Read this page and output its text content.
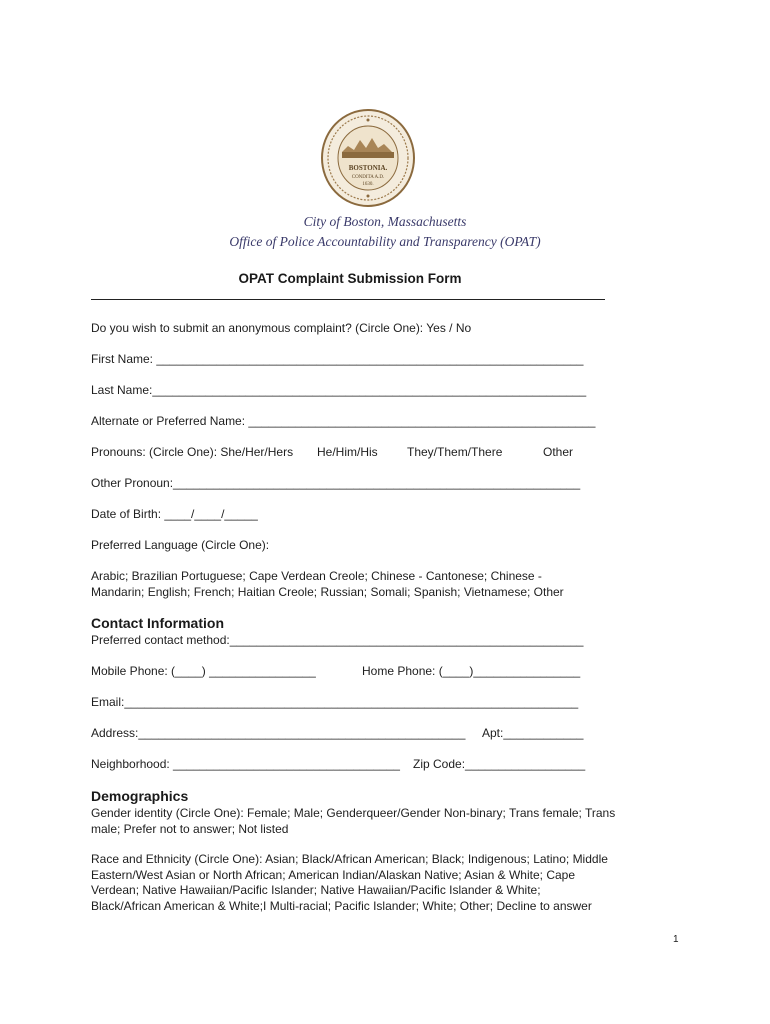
BOSTONIA.
CONDITA A.D.
1630.
City of Boston, Massachusetts
Office of Police Accountability and Transparency (OPAT)
OPAT Complaint Submission Form
Do you wish to submit an anonymous complaint? (Circle One): Yes / No
First Name: ________________________________________________________________
Last Name:_________________________________________________________________
Alternate or Preferred Name: ____________________________________________________
Pronouns: (Circle One): She/Her/Hers He/Him/His They/Them/There	Other
Other Pronoun:_____________________________________________________________
Date of Birth: ____/____/_____
Preferred Language (Circle One):
Arabic; Brazilian Portuguese; Cape Verdean Creole; Chinese - Cantonese; Chinese - Mandarin; English; French; Haitian Creole; Russian; Somali; Spanish; Vietnamese; Other
Contact Information
Preferred contact method:_____________________________________________________
Mobile Phone: (____) ________________	Home Phone: (____)________________
Email:____________________________________________________________________
Address:_________________________________________________ Apt:____________
Neighborhood: __________________________________ Zip Code:__________________
Demographics
Gender identity (Circle One): Female; Male; Genderqueer/Gender Non-binary; Trans female; Trans male; Prefer not to answer; Not listed
Race and Ethnicity (Circle One): Asian; Black/African American; Black; Indigenous; Latino; Middle Eastern/West Asian or North African; American Indian/Alaskan Native; Asian & White; Cape Verdean; Native Hawaiian/Pacific Islander; Native Hawaiian/Pacific Islander & White; Black/African American & White;I Multi-racial; Pacific Islander; White; Other; Decline to answer
1
